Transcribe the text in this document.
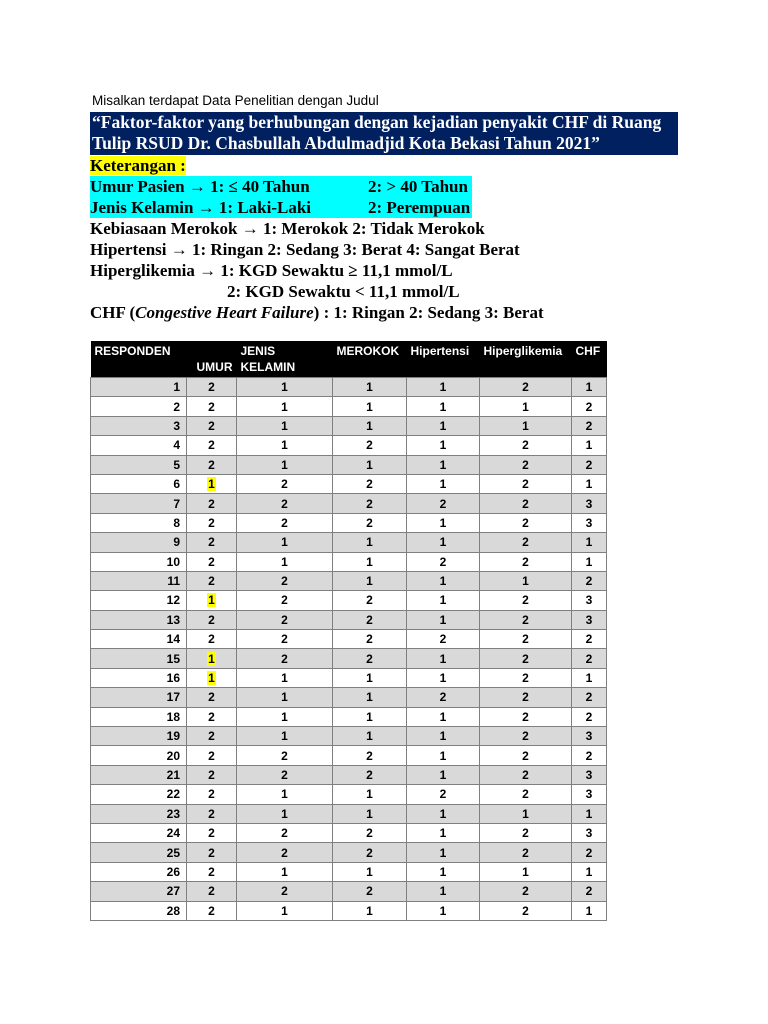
Misalkan terdapat Data Penelitian dengan Judul
“Faktor-faktor yang berhubungan dengan kejadian penyakit CHF di Ruang
Tulip RSUD Dr. Chasbullah Abdulmadjid Kota Bekasi Tahun 2021”
Keterangan :
Umur Pasien → 1: ≤ 40 Tahun	2: > 40 Tahun
Jenis Kelamin → 1: Laki-Laki	2: Perempuan
Kebiasaan Merokok → 1: Merokok 2: Tidak Merokok
Hipertensi → 1: Ringan 2: Sedang 3: Berat 4: Sangat Berat
Hiperglikemia → 1: KGD Sewaktu ≥ 11,1 mmol/L
2: KGD Sewaktu < 11,1 mmol/L
CHF (Congestive Heart Failure) : 1: Ringan 2: Sedang 3: Berat
RESPONDEN	UMUR	JENIS KELAMIN	MEROKOK	Hipertensi	Hiperglikemia	CHF
1	2	1	1	1	2	1
2	2	1	1	1	1	2
3	2	1	1	1	1	2
4	2	1	2	1	2	1
5	2	1	1	1	2	2
6	1	2	2	1	2	1
7	2	2	2	2	2	3
8	2	2	2	1	2	3
9	2	1	1	1	2	1
10	2	1	1	2	2	1
11	2	2	1	1	1	2
12	1	2	2	1	2	3
13	2	2	2	1	2	3
14	2	2	2	2	2	2
15	1	2	2	1	2	2
16	1	1	1	1	2	1
17	2	1	1	2	2	2
18	2	1	1	1	2	2
19	2	1	1	1	2	3
20	2	2	2	1	2	2
21	2	2	2	1	2	3
22	2	1	1	2	2	3
23	2	1	1	1	1	1
24	2	2	2	1	2	3
25	2	2	2	1	2	2
26	2	1	1	1	1	1
27	2	2	2	1	2	2
28	2	1	1	1	2	1
